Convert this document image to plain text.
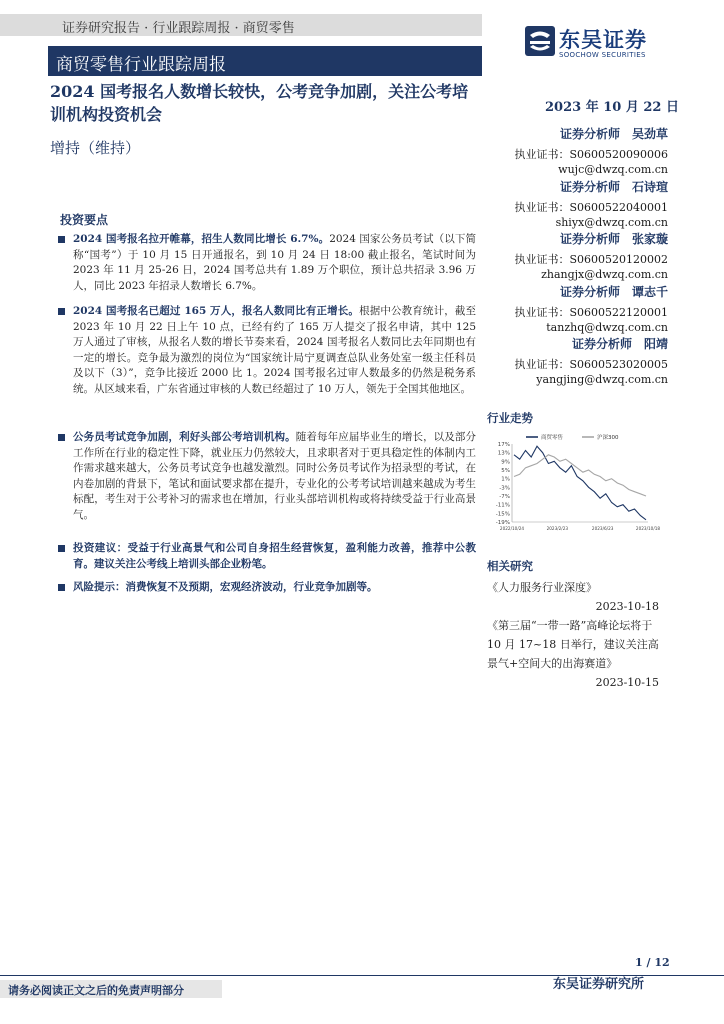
证券研究报告 · 行业跟踪周报 · 商贸零售	东吴证券
SOOCHOW SECURITIES
商贸零售行业跟踪周报
2024 国考报名人数增长较快，公考竞争加剧，关注公考培训机构投资机会	2023 年 10 月 22 日
增持（维持）
证券分析师　吴劲草
执业证书：S0600520090006
wujc@dwzq.com.cn
证券分析师　石诗瑄
执业证书：S0600522040001
shiyx@dwzq.com.cn
证券分析师　张家璇
执业证书：S0600520120002
zhangjx@dwzq.com.cn
证券分析师　谭志千
执业证书：S0600522120001
tanzhq@dwzq.com.cn
证券分析师　阳靖
执业证书：S0600523020005
yangjing@dwzq.com.cn
投资要点
2024 国考报名拉开帷幕，招生人数同比增长 6.7%。2024 国家公务员考试（以下简称“国考”）于 10 月 15 日开通报名，到 10 月 24 日 18:00 截止报名，笔试时间为 2023 年 11 月 25-26 日，2024 国考总共有 1.89 万个职位，预计总共招录 3.96 万人，同比 2023 年招录人数增长 6.7%。
2024 国考报名已超过 165 万人，报名人数同比有正增长。根据中公教育统计，截至 2023 年 10 月 22 日上午 10 点，已经有约了 165 万人提交了报名申请，其中 125 万人通过了审核，从报名人数的增长节奏来看，2024 国考报名人数同比去年同期也有一定的增长。竞争最为激烈的岗位为“国家统计局宁夏调查总队业务处室一级主任科员及以下（3）”，竞争比接近 2000 比 1。2024 国考报名过审人数最多的仍然是税务系统。从区域来看，广东省通过审核的人数已经超过了 10 万人，领先于全国其他地区。
公务员考试竞争加剧，利好头部公考培训机构。随着每年应届毕业生的增长，以及部分工作所在行业的稳定性下降，就业压力仍然较大，且求职者对于更具稳定性的体制内工作需求越来越大，公务员考试竞争也越发激烈。同时公务员考试作为招录型的考试，在内卷加剧的背景下，笔试和面试要求都在提升，专业化的公考考试培训越来越成为考生标配，考生对于公考补习的需求也在增加，行业头部培训机构或将持续受益于行业高景气。
投资建议：受益于行业高景气和公司自身招生经营恢复，盈利能力改善，推荐中公教育。建议关注公考线上培训头部企业粉笔。
风险提示：消费恢复不及预期，宏观经济波动，行业竞争加剧等。
行业走势
17%
13%
9%
5%
1%
-3%
-7%
-11%
-15%
-19%
2022/10/24	2023/2/23	2023/6/23	2023/10/18
商贸零售	沪深300
相关研究
《人力服务行业深度》
2023-10-18
《第三届“一带一路”高峰论坛将于 10 月 17~18 日举行，建议关注高景气+空间大的出海赛道》
2023-10-15
1 / 12
请务必阅读正文之后的免责声明部分	东吴证券研究所
